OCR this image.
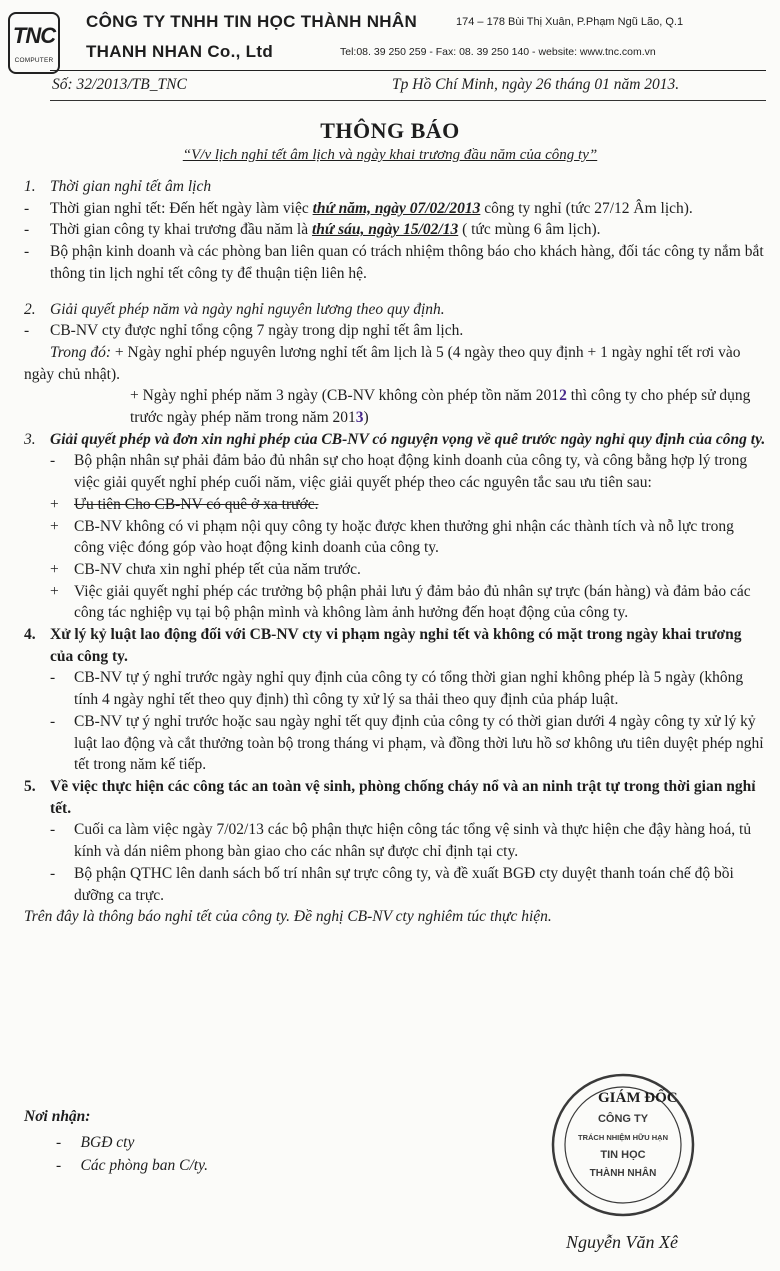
TNC
COMPUTER
CÔNG TY TNHH TIN HỌC THÀNH NHÂN
THANH NHAN Co., Ltd
174 – 178 Bùi Thị Xuân, P.Phạm Ngũ Lão, Q.1
Tel:08. 39 250 259 - Fax: 08. 39 250 140 - website: www.tnc.com.vn
Số: 32/2013/TB_TNC	Tp Hồ Chí Minh, ngày 26 tháng 01 năm 2013.
THÔNG BÁO
“V/v lịch nghỉ tết âm lịch và ngày khai trương đầu năm của công ty”
1. Thời gian nghỉ tết âm lịch
-	Thời gian nghỉ tết: Đến hết ngày làm việc thứ năm, ngày 07/02/2013 công ty nghỉ (tức 27/12 Âm lịch).
-	Thời gian công ty khai trương đầu năm là thứ sáu, ngày 15/02/13 ( tức mùng 6 âm lịch).
-	Bộ phận kinh doanh và các phòng ban liên quan có trách nhiệm thông báo cho khách hàng, đối tác công ty nắm bắt thông tin lịch nghỉ tết công ty để thuận tiện liên hệ.
2. Giải quyết phép năm và ngày nghỉ nguyên lương theo quy định.
-	CB-NV cty được nghỉ tổng cộng 7 ngày trong dịp nghỉ tết âm lịch.
Trong đó: + Ngày nghỉ phép nguyên lương nghỉ tết âm lịch là 5 (4 ngày theo quy định + 1 ngày nghỉ tết rơi vào ngày chủ nhật).
+ Ngày nghỉ phép năm 3 ngày (CB-NV không còn phép tồn năm 2012 thì công ty cho phép sử dụng trước ngày phép năm trong năm 2013)
3. Giải quyết phép và đơn xin nghỉ phép của CB-NV có nguyện vọng về quê trước ngày nghỉ quy định của công ty.
-	Bộ phận nhân sự phải đảm bảo đủ nhân sự cho hoạt động kinh doanh của công ty, và công bằng hợp lý trong việc giải quyết nghỉ phép cuối năm, việc giải quyết phép theo các nguyên tắc sau ưu tiên sau:
+ Ưu tiên Cho CB-NV có quê ở xa trước.
+ CB-NV không có vi phạm nội quy công ty hoặc được khen thưởng ghi nhận các thành tích và nỗ lực trong công việc đóng góp vào hoạt động kinh doanh của công ty.
+ CB-NV chưa xin nghỉ phép tết của năm trước.
+ Việc giải quyết nghỉ phép các trưởng bộ phận phải lưu ý đảm bảo đủ nhân sự trực (bán hàng) và đảm bảo các công tác nghiệp vụ tại bộ phận mình và không làm ảnh hưởng đến hoạt động của công ty.
4. Xử lý kỷ luật lao động đối với CB-NV cty vi phạm ngày nghỉ tết và không có mặt trong ngày khai trương của công ty.
-	CB-NV tự ý nghỉ trước ngày nghỉ quy định của công ty có tổng thời gian nghỉ không phép là 5 ngày (không tính 4 ngày nghỉ tết theo quy định) thì công ty xử lý sa thải theo quy định của pháp luật.
-	CB-NV tự ý nghỉ trước hoặc sau ngày nghỉ tết quy định của công ty có thời gian dưới 4 ngày công ty xử lý kỷ luật lao động và cắt thưởng toàn bộ trong tháng vi phạm, và đồng thời lưu hồ sơ không ưu tiên duyệt phép nghỉ tết trong năm kế tiếp.
5. Về việc thực hiện các công tác an toàn vệ sinh, phòng chống cháy nổ và an ninh trật tự trong thời gian nghỉ tết.
-	Cuối ca làm việc ngày 7/02/13 các bộ phận thực hiện công tác tổng vệ sinh và thực hiện che đậy hàng hoá, tủ kính và dán niêm phong bàn giao cho các nhân sự được chỉ định tại cty.
-	Bộ phận QTHC lên danh sách bố trí nhân sự trực công ty, và đề xuất BGĐ cty duyệt thanh toán chế độ bồi dưỡng ca trực.
Trên đây là thông báo nghỉ tết của công ty. Đề nghị CB-NV cty nghiêm túc thực hiện.
Nơi nhận:
-     BGĐ cty
-     Các phòng ban C/ty.
CÔNG TY
TRÁCH NHIỆM HỮU HẠN
TIN HỌC
THÀNH NHÂN
GIÁM ĐỐC
Nguyễn Văn Xê
